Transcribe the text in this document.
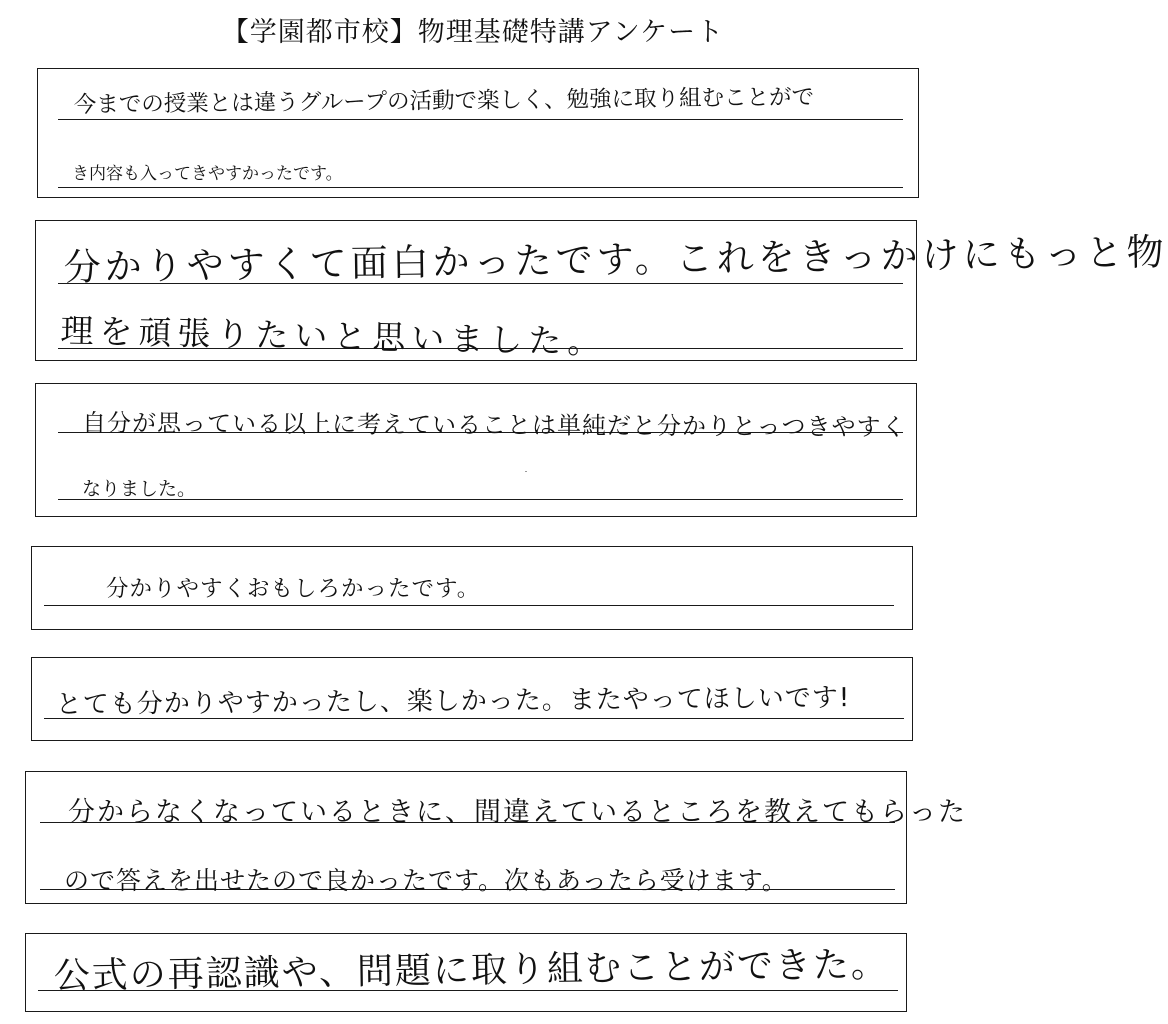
【学園都市校】物理基礎特講アンケート

今までの授業とは違うグループの活動で楽しく、勉強に取り組むことがで

き内容も入ってきやすかったです。

分かりやすくて面白かったです。これをきっかけにもっと物

理を頑張りたいと思いました。

自分が思っている以上に考えていることは単純だと分かりとっつきやすく

なりました。

分かりやすくおもしろかったです。

とても分かりやすかったし、楽しかった。またやってほしいです!

分からなくなっているときに、間違えているところを教えてもらった

ので答えを出せたので良かったです。次もあったら受けます。

公式の再認識や、問題に取り組むことができた。
